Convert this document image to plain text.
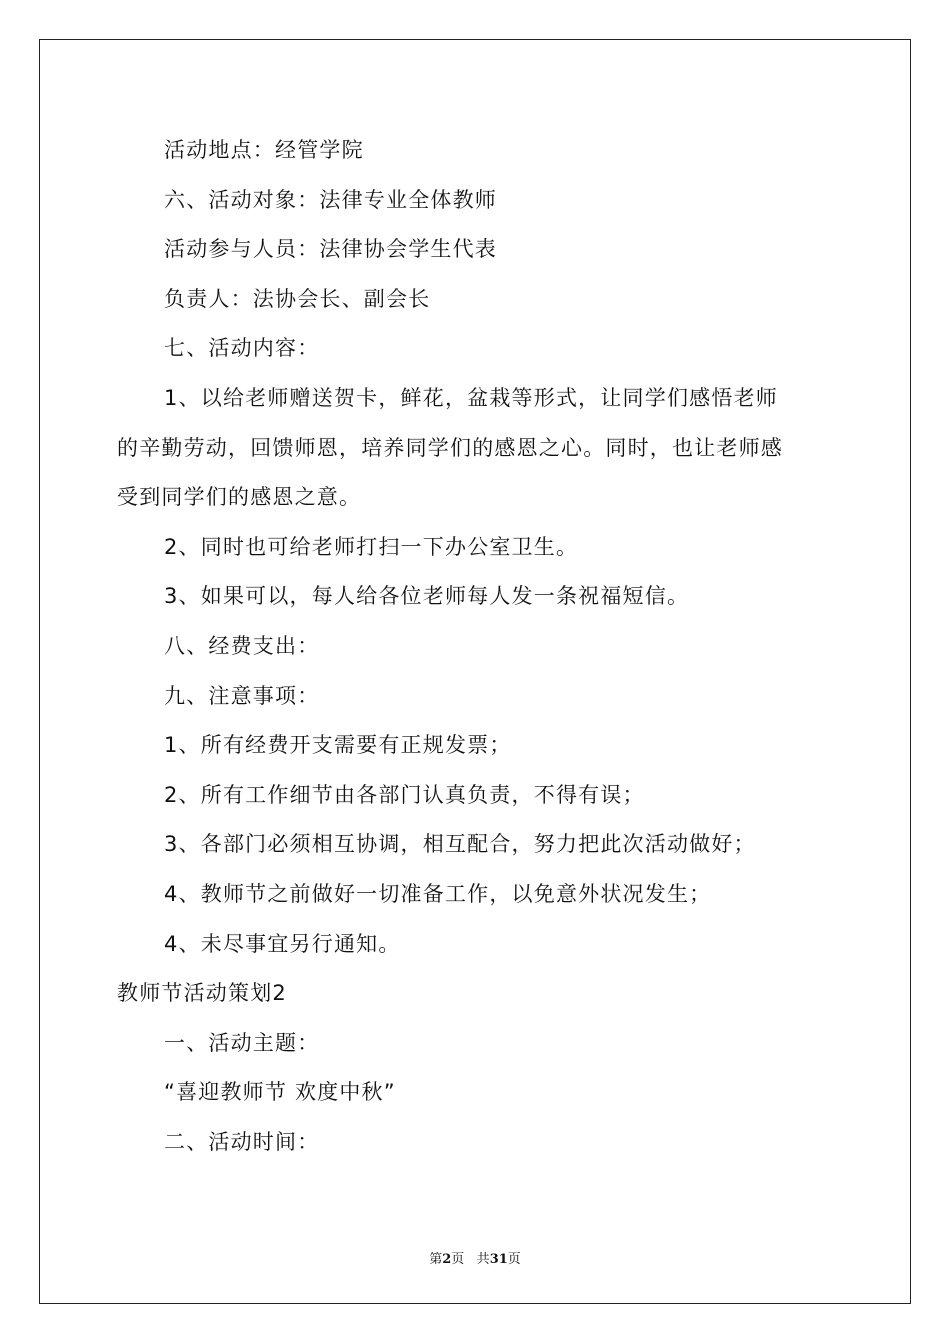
活动地点：经管学院
六、活动对象：法律专业全体教师
活动参与人员：法律协会学生代表
负责人：法协会长、副会长
七、活动内容：
1、以给老师赠送贺卡，鲜花，盆栽等形式，让同学们感悟老师
的辛勤劳动，回馈师恩，培养同学们的感恩之心。同时，也让老师感
受到同学们的感恩之意。
2、同时也可给老师打扫一下办公室卫生。
3、如果可以，每人给各位老师每人发一条祝福短信。
八、经费支出：
九、注意事项：
1、所有经费开支需要有正规发票；
2、所有工作细节由各部门认真负责，不得有误；
3、各部门必须相互协调，相互配合，努力把此次活动做好；
4、教师节之前做好一切准备工作，以免意外状况发生；
4、未尽事宜另行通知。
教师节活动策划2
一、活动主题：
“喜迎教师节 欢度中秋”
二、活动时间：
第2页 共31页
